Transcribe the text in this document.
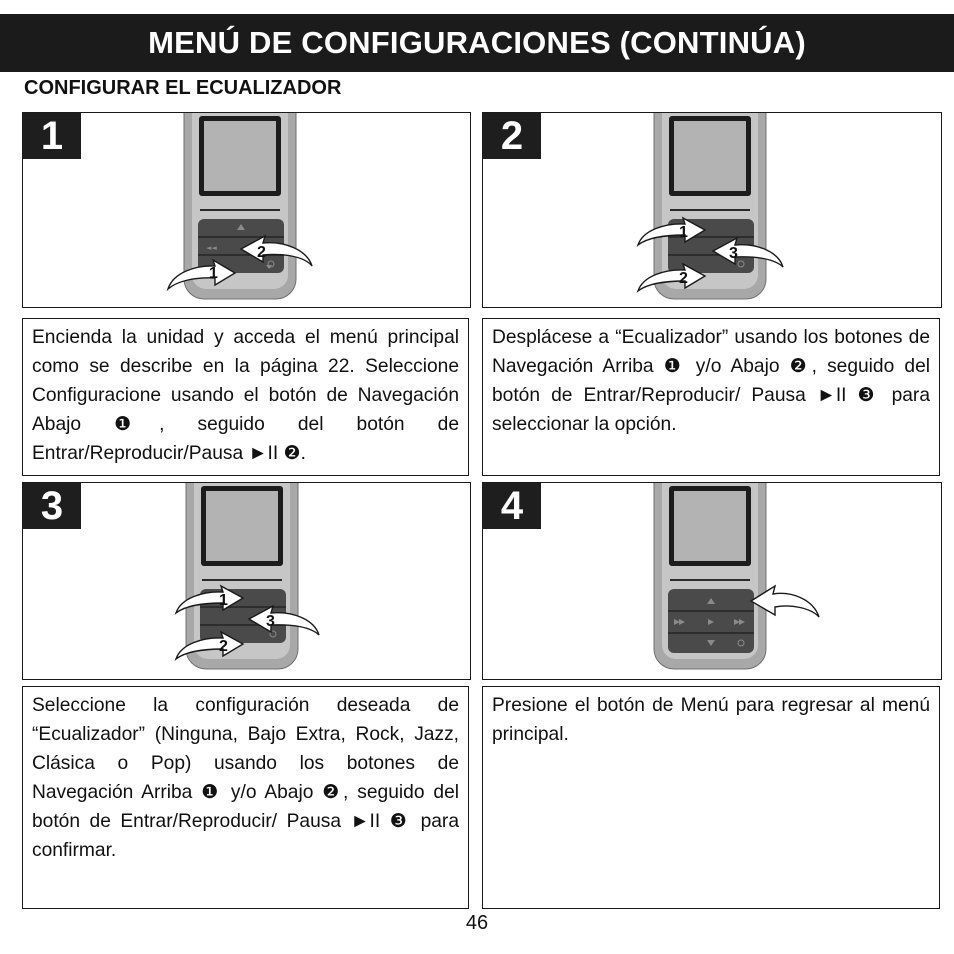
MENÚ DE CONFIGURACIONES (CONTINÚA)
CONFIGURAR EL ECUALIZADOR
1
◄◄
1
2
2
1
2
3
Encienda la unidad y acceda el menú principal como se describe en la página 22. Seleccione Configuracione usando el botón de Navegación Abajo ❶, seguido del botón de Entrar/Reproducir/Pausa ►II ❷.
Desplácese a “Ecualizador” usando los botones de Navegación Arriba ❶ y/o Abajo ❷, seguido del botón de Entrar/Reproducir/ Pausa ►II ❸ para seleccionar la opción.
3
1
2
3
4
Seleccione la configuración deseada de “Ecualizador” (Ninguna, Bajo Extra, Rock, Jazz, Clásica o Pop) usando los botones de Navegación Arriba ❶ y/o Abajo ❷, seguido del botón de Entrar/Reproducir/ Pausa ►II ❸ para confirmar.
Presione el botón de Menú para regresar al menú principal.
46
